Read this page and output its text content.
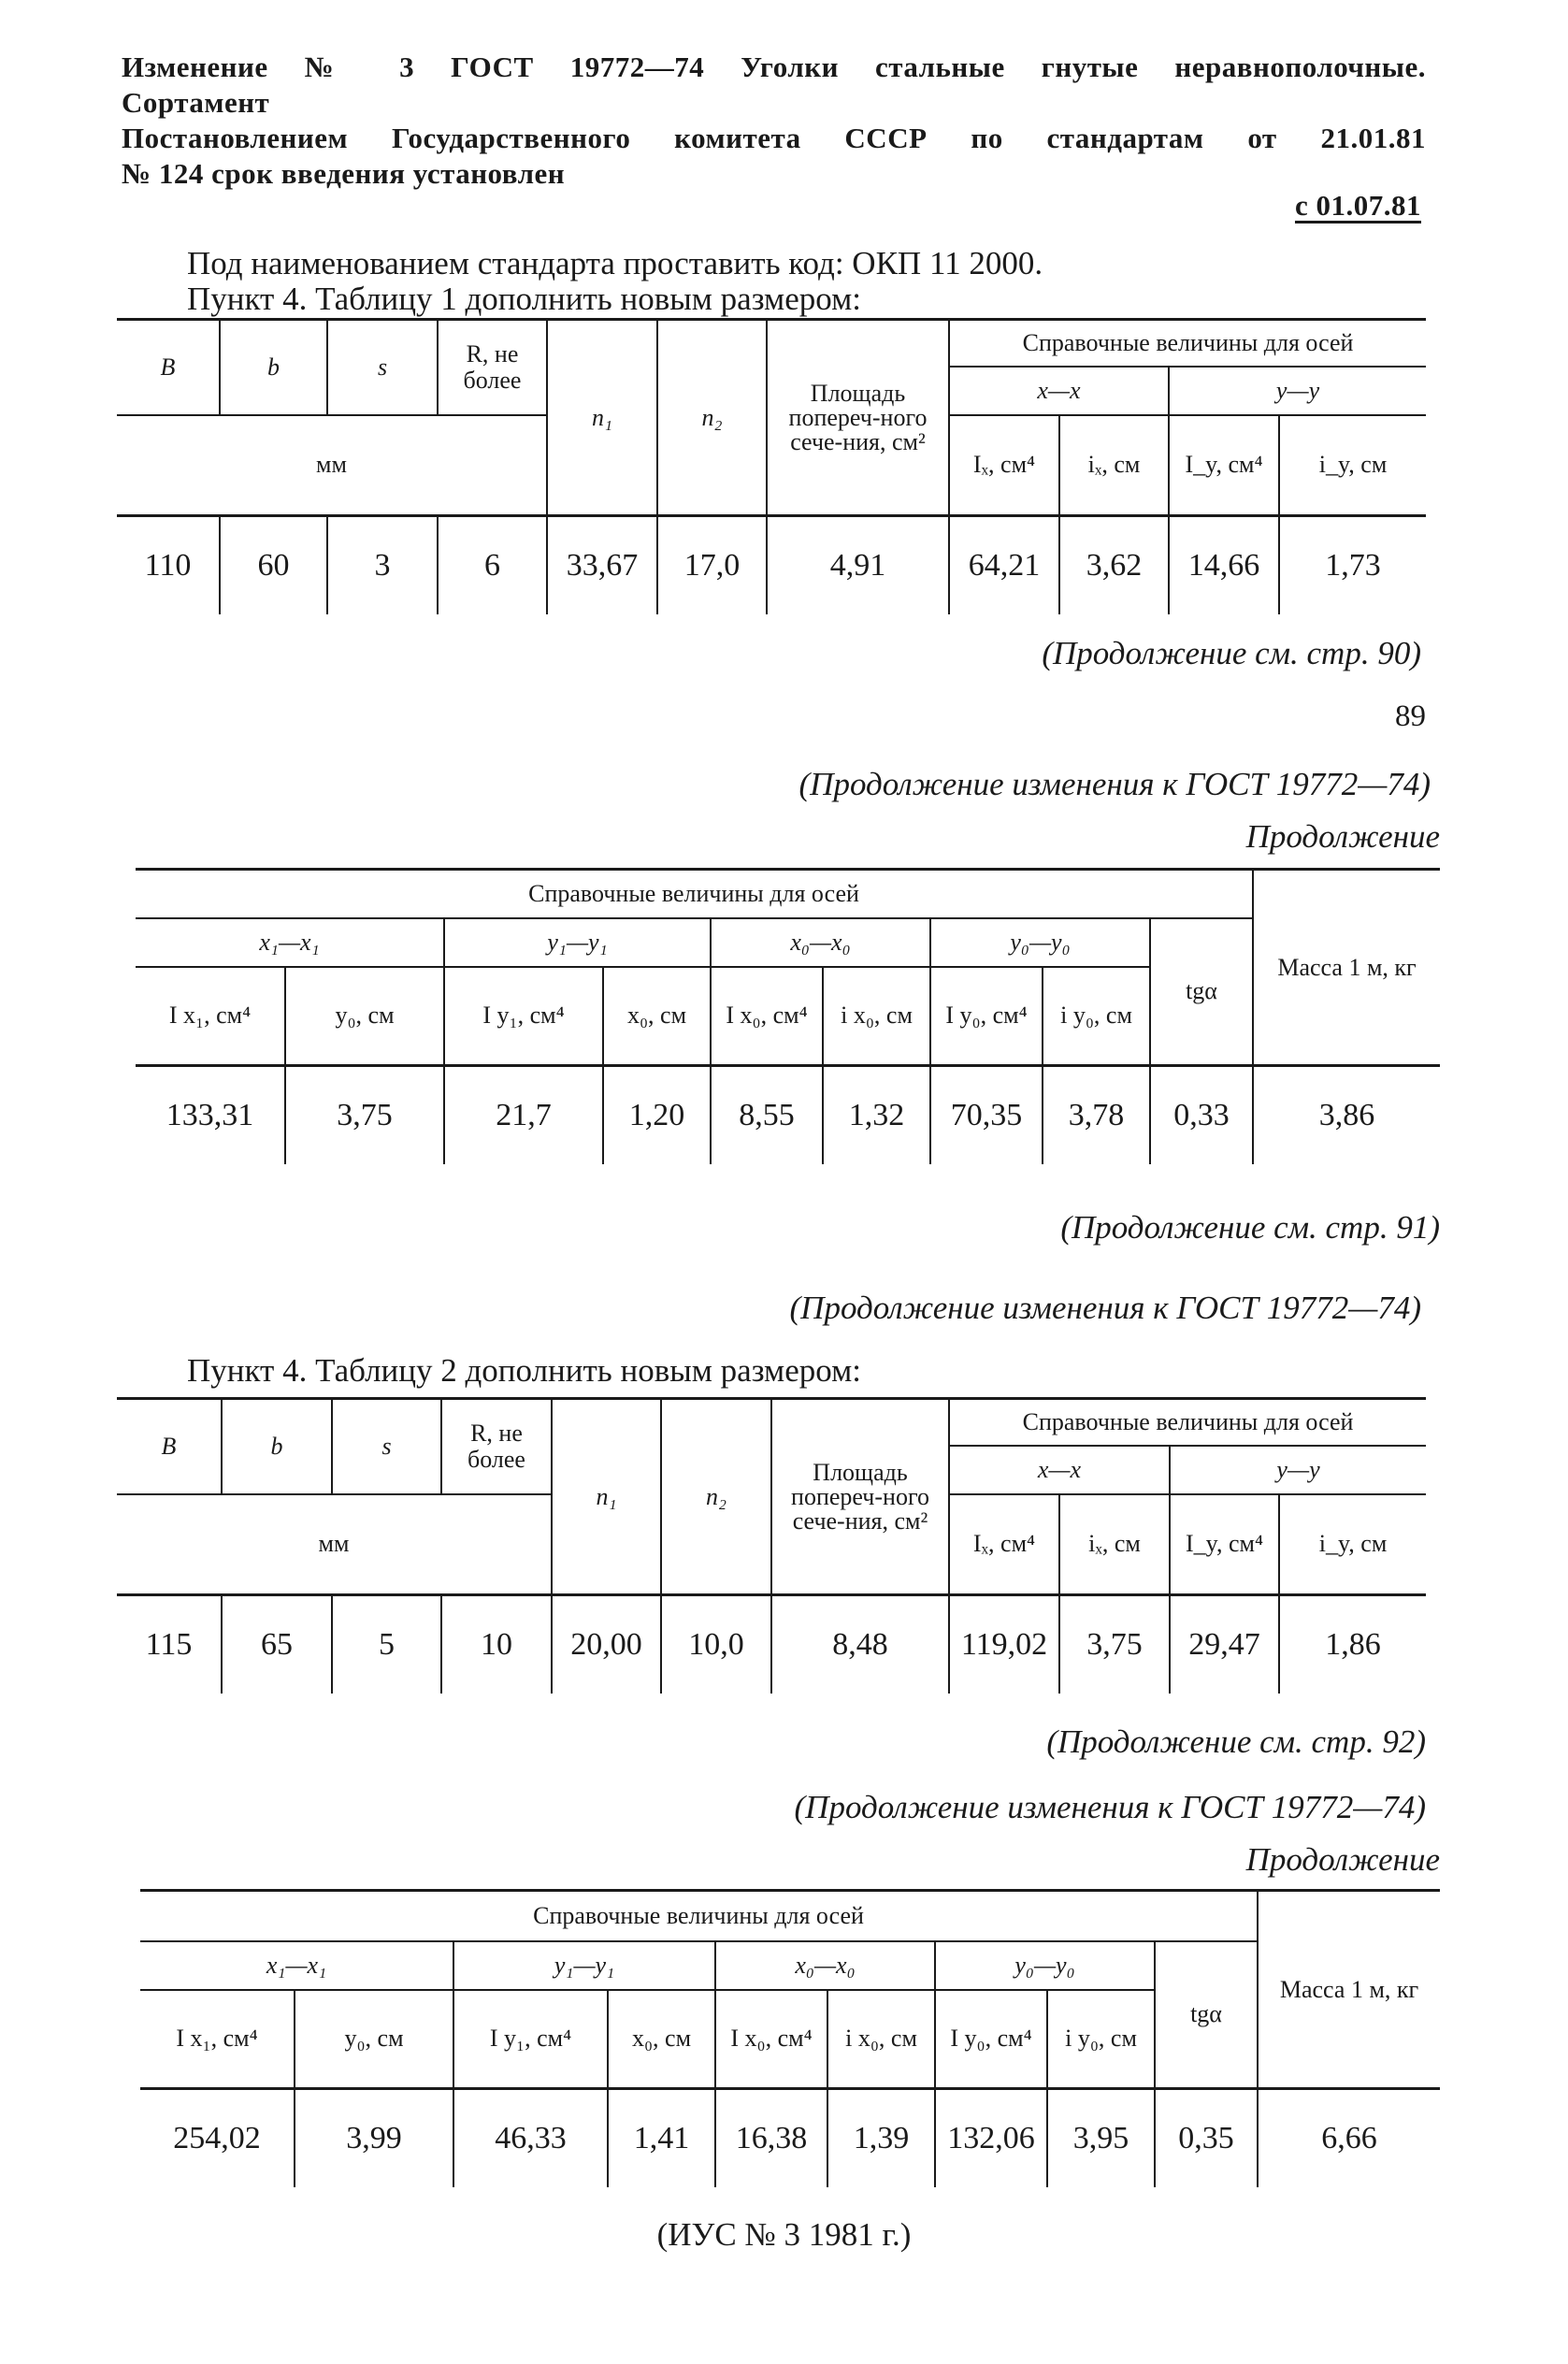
Изменение № 3 ГОСТ 19772—74 Уголки стальные гнутые неравнополочные.
Сортамент
Постановлением Государственного комитета СССР по стандартам от 21.01.81
№ 124 срок введения установлен
с 01.07.81
Под наименованием стандарта проставить код: ОКП 11 2000.
Пункт 4. Таблицу 1 дополнить новым размером:
B	b	s	R, не более	n₁	n₂	Площадь попереч-ного сече-ния, см²	Справочные величины для осей			
							x—x		y—y	
мм							Iₓ, см⁴	iₓ, см	I_y, см⁴	i_y, см

110	60	3	6	33,67	17,0	4,91	64,21	3,62	14,66	1,73
(Продолжение см. стр. 90)
89
(Продолжение изменения к ГОСТ 19772—74)
Продолжение
Справочные величины для осей									Масса 1 м, кг
x₁—x₁		y₁—y₁		x₀—x₀		y₀—y₀		tgα	
I x₁, см⁴	y₀, см	I y₁, см⁴	x₀, см	I x₀, см⁴	i x₀, см	I y₀, см⁴	i y₀, см		
133,31	3,75	21,7	1,20	8,55	1,32	70,35	3,78	0,33	3,86
(Продолжение см. стр. 91)
(Продолжение изменения к ГОСТ 19772—74)
Пункт 4. Таблицу 2 дополнить новым размером:
B	b	s	R, не более	n₁	n₂	Площадь попереч-ного сече-ния, см²	Справочные величины для осей			
							x—x		y—y	
мм							Iₓ, см⁴	iₓ, см	I_y, см⁴	i_y, см

115	65	5	10	20,00	10,0	8,48	119,02	3,75	29,47	1,86
(Продолжение см. стр. 92)
(Продолжение изменения к ГОСТ 19772—74)
Продолжение
Справочные величины для осей									Масса 1 м, кг
x₁—x₁		y₁—y₁		x₀—x₀		y₀—y₀		tgα	
I x₁, см⁴	y₀, см	I y₁, см⁴	x₀, см	I x₀, см⁴	i x₀, см	I y₀, см⁴	i y₀, см		
254,02	3,99	46,33	1,41	16,38	1,39	132,06	3,95	0,35	6,66
(ИУС № 3 1981 г.)
